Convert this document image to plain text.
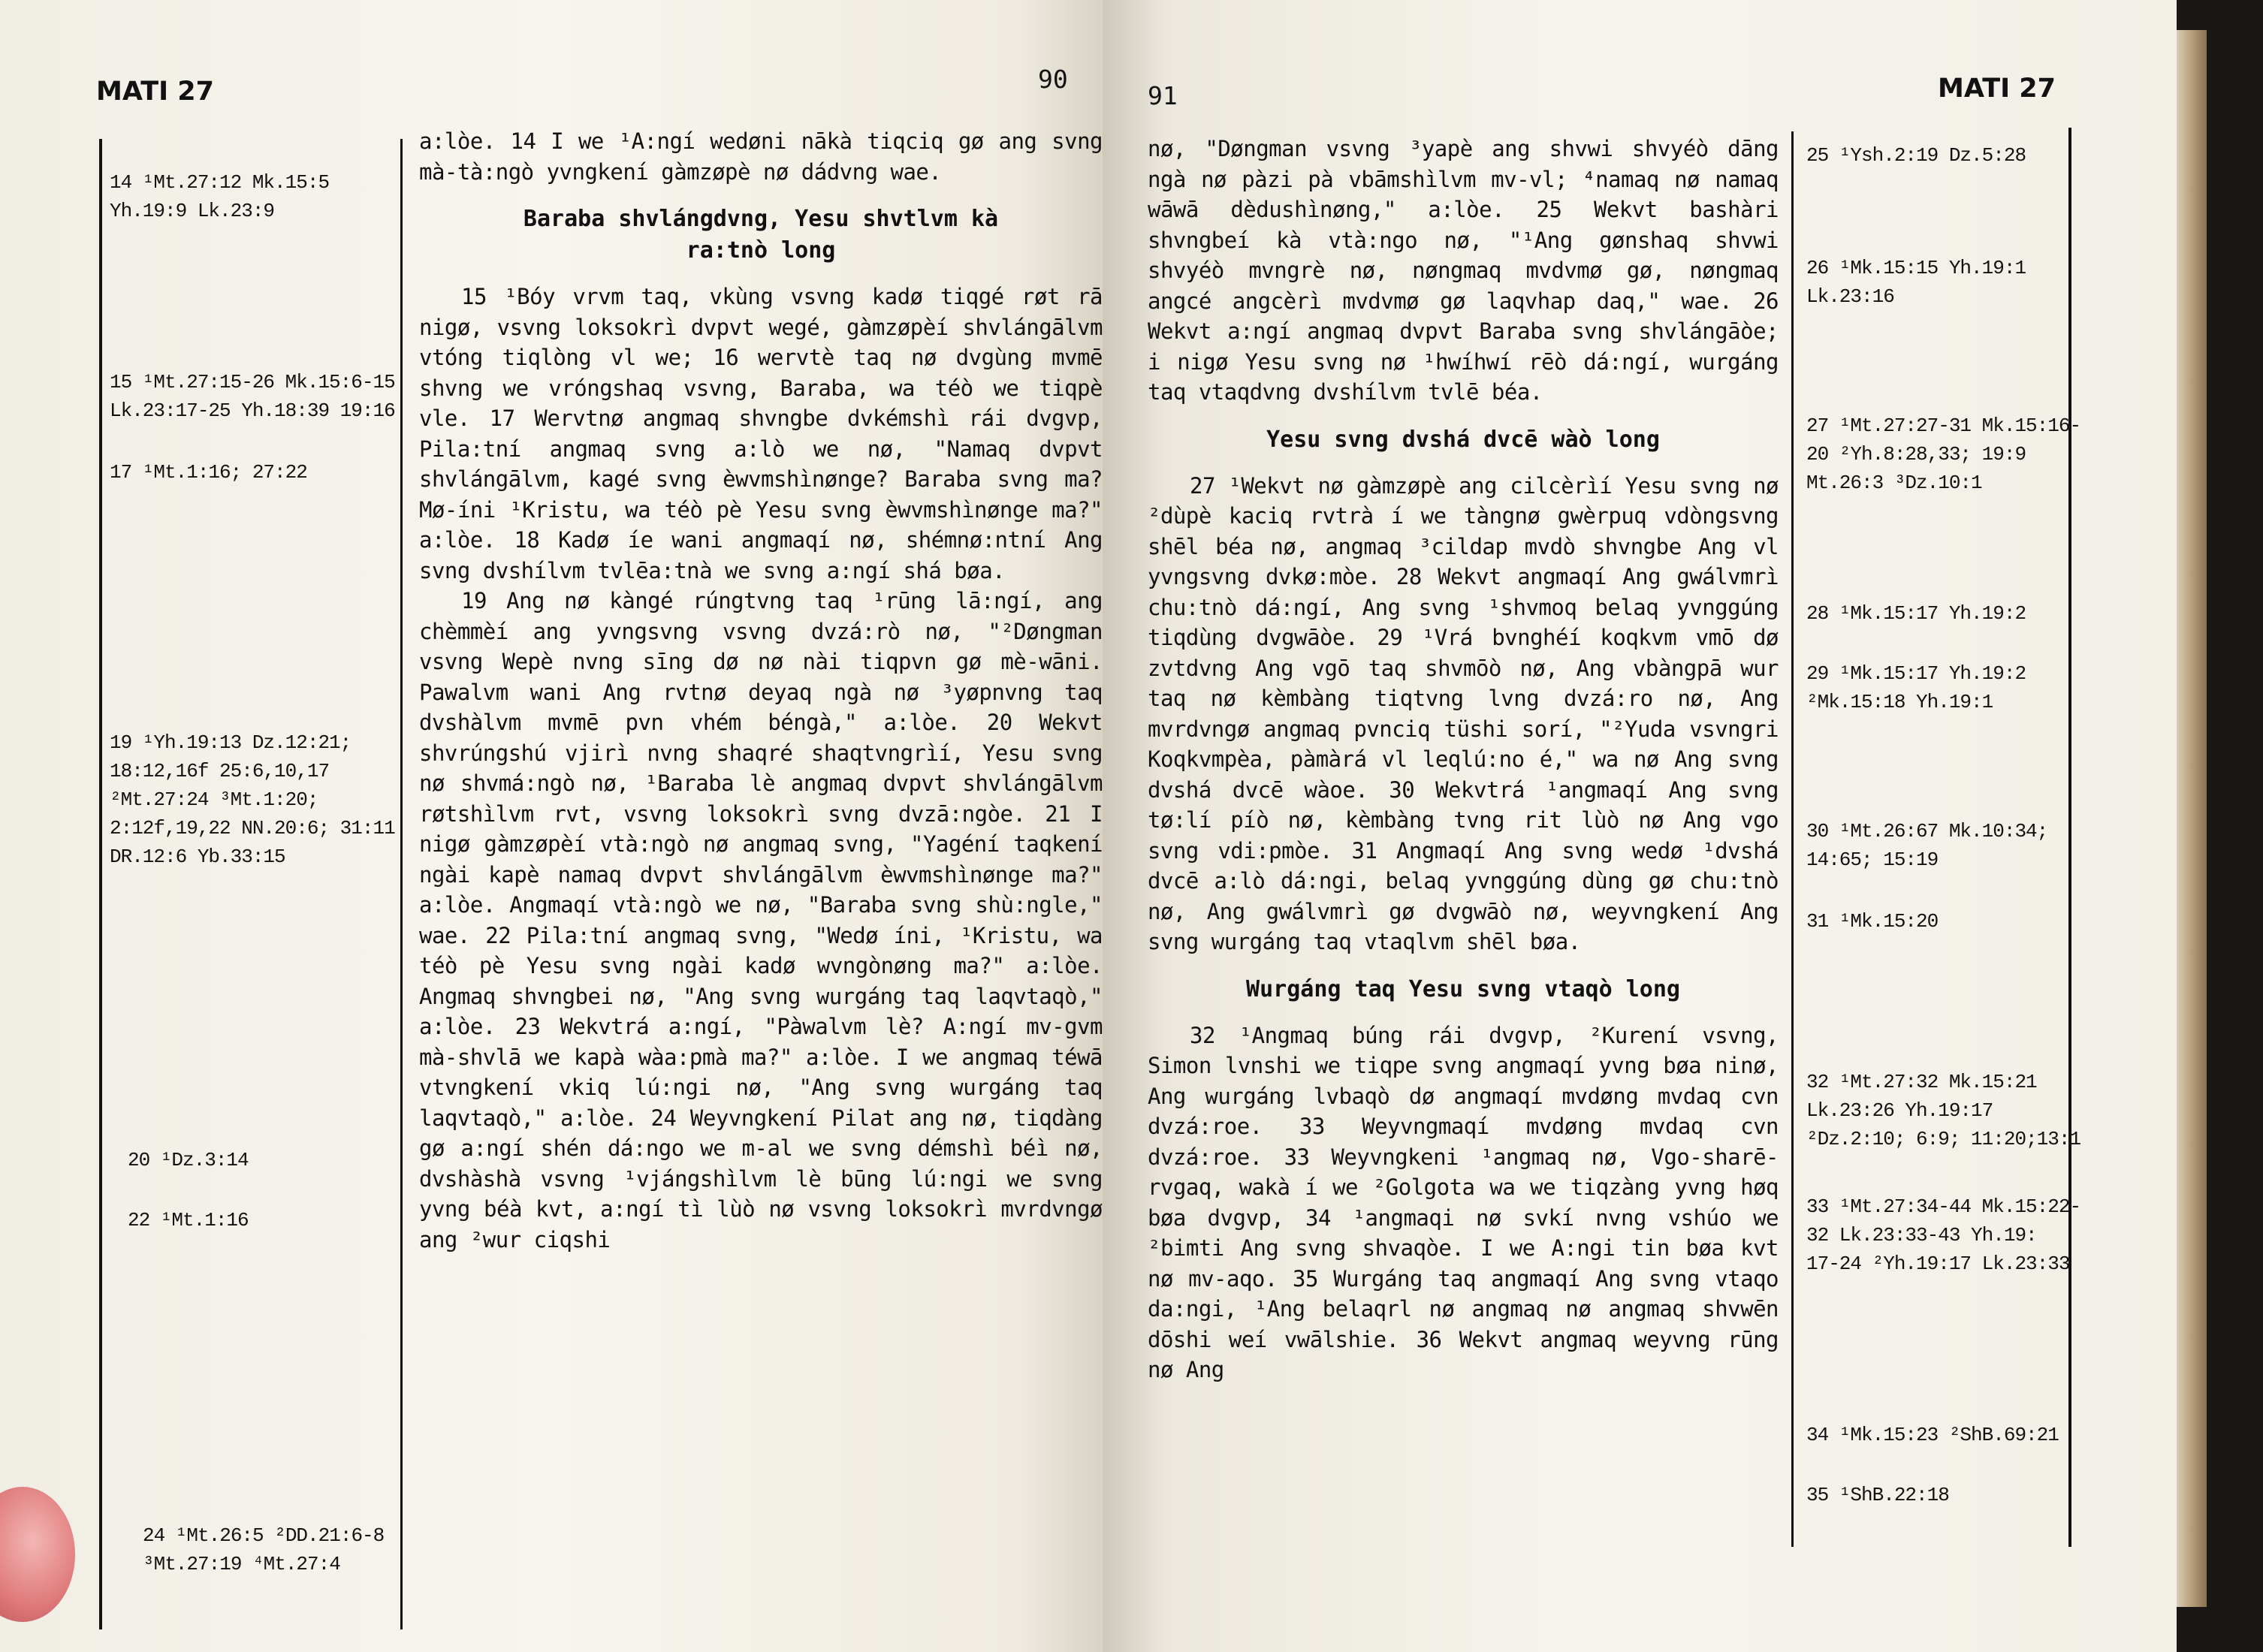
MATI 27	90
14 ¹Mt.27:12 Mk.15:5
Yh.19:9 Lk.23:9
15 ¹Mt.27:15-26 Mk.15:6-15
Lk.23:17-25 Yh.18:39 19:16
17 ¹Mt.1:16; 27:22
19 ¹Yh.19:13 Dz.12:21;
18:12,16f 25:6,10,17
²Mt.27:24 ³Mt.1:20;
2:12f,19,22 NN.20:6; 31:11
DR.12:6 Yb.33:15
20 ¹Dz.3:14
22 ¹Mt.1:16
24 ¹Mt.26:5 ²DD.21:6-8
³Mt.27:19 ⁴Mt.27:4

a:lòe. 14 I we ¹A:ngí wedøni nākà tiqciq gø ang svng mà-tà:ngò yvngkení gàmzøpè nø dádvng wae.

Baraba shvlángdvng, Yesu shvtlvm kà ra:tnò long

15 ¹Bóy vrvm taq, vkùng vsvng kadø tiqgé røt rā nigø, vsvng loksokrì dvpvt wegé, gàmzøpèí shvlángālvm vtóng tiqlòng vl we; 16 wervtè taq nø dvgùng mvmē shvng we vróngshaq vsvng, Baraba, wa téò we tiqpè vle. 17 Wervtnø angmaq shvngbe dvkémshì rái dvgvp, Pila:tní angmaq svng a:lò we nø, "Namaq dvpvt shvlángālvm, kagé svng èwvmshìnønge? Baraba svng ma? Mø-íni ¹Kristu, wa téò pè Yesu svng èwvmshìnønge ma?" a:lòe. 18 Kadø íe wani angmaqí nø, shémnø:ntní Ang svng dvshílvm tvlēa:tnà we svng a:ngí shá bøa.

19 Ang nø kàngé rúngtvng taq ¹rūng lā:ngí, ang chèmmèí ang yvngsvng vsvng dvzá:rò nø, "²Døngman vsvng Wepè nvng sīng dø nø nài tiqpvn gø mè-wāni. Pawalvm wani Ang rvtnø deyaq ngà nø ³yøpnvng taq dvshàlvm mvmē pvn vhém béngà," a:lòe. 20 Wekvt shvrúngshú vjirì nvng shaqré shaqtvngrìí, Yesu svng nø shvmá:ngò nø, ¹Baraba lè angmaq dvpvt shvlángālvm røtshìlvm rvt, vsvng loksokrì svng dvzā:ngòe. 21 I nigø gàmzøpèí vtà:ngò nø angmaq svng, "Yagéní taqkení ngài kapè namaq dvpvt shvlángālvm èwvmshìnønge ma?" a:lòe. Angmaqí vtà:ngò we nø, "Baraba svng shù:ngle," wae. 22 Pila:tní angmaq svng, "Wedø íni, ¹Kristu, wa téò pè Yesu svng ngài kadø wvngònøng ma?" a:lòe. Angmaq shvngbei nø, "Ang svng wurgáng taq laqvtaqò," a:lòe. 23 Wekvtrá a:ngí, "Pàwalvm lè? A:ngí mv-gvm mà-shvlā we kapà wàa:pmà ma?" a:lòe. I we angmaq téwā vtvngkení vkiq lú:ngi nø, "Ang svng wurgáng taq laqvtaqò," a:lòe. 24 Weyvngkení Pilat ang nø, tiqdàng gø a:ngí shén dá:ngo we m-al we svng démshì béì nø, dvshàshà vsvng ¹vjángshìlvm lè būng lú:ngi we svng yvng béà kvt, a:ngí tì lùò nø vsvng loksokrì mvrdvngø ang ²wur ciqshi

91	MATI 27

nø, "Døngman vsvng ³yapè ang shvwi shvyéò dāng ngà nø pàzi pà vbāmshìlvm mv-vl; ⁴namaq nø namaq wāwā dèdushìnøng," a:lòe. 25 Wekvt bashàri shvngbeí kà vtà:ngo nø, "¹Ang gønshaq shvwi shvyéò mvngrè nø, nøngmaq mvdvmø gø, nøngmaq angcé angcèrì mvdvmø gø laqvhap daq," wae. 26 Wekvt a:ngí angmaq dvpvt Baraba svng shvlángāòe; i nigø Yesu svng nø ¹hwíhwí rēò dá:ngí, wurgáng taq vtaqdvng dvshílvm tvlē béa.

Yesu svng dvshá dvcē wàò long

27 ¹Wekvt nø gàmzøpè ang cilcèrìí Yesu svng nø ²dùpè kaciq rvtrà í we tàngnø gwèrpuq vdòngsvng shēl béa nø, angmaq ³cildap mvdò shvngbe Ang vl yvngsvng dvkø:mòe. 28 Wekvt angmaqí Ang gwálvmrì chu:tnò dá:ngí, Ang svng ¹shvmoq belaq yvnggúng tiqdùng dvgwāòe. 29 ¹Vrá bvnghéí koqkvm vmō dø zvtdvng Ang vgō taq shvmōò nø, Ang vbàngpā wur taq nø kèmbàng tiqtvng lvng dvzá:ro nø, Ang mvrdvngø angmaq pvnciq tüshi sorí, "²Yuda vsvngri Koqkvmpèa, pàmàrá vl leqlú:no é," wa nø Ang svng dvshá dvcē wàoe. 30 Wekvtrá ¹angmaqí Ang svng tø:lí píò nø, kèmbàng tvng rit lùò nø Ang vgo svng vdi:pmòe. 31 Angmaqí Ang svng wedø ¹dvshá dvcē a:lò dá:ngi, belaq yvnggúng dùng gø chu:tnò nø, Ang gwálvmrì gø dvgwāò nø, weyvngkení Ang svng wurgáng taq vtaqlvm shēl bøa.

Wurgáng taq Yesu svng vtaqò long

32 ¹Angmaq búng rái dvgvp, ²Kurení vsvng, Simon lvnshi we tiqpe svng angmaqí yvng bøa ninø, Ang wurgáng lvbaqò dø angmaqí mvdøng mvdaq cvn dvzá:roe. 33 Weyvngmaqí mvdøng mvdaq cvn dvzá:roe. 33 Weyvngkeni ¹angmaq nø, Vgo-sharē-rvgaq, wakà í we ²Golgota wa we tiqzàng yvng høq bøa dvgvp, 34 ¹angmaqi nø svkí nvng vshúo we ²bimti Ang svng shvaqòe. I we A:ngi tin bøa kvt nø mv-aqo. 35 Wurgáng taq angmaqí Ang svng vtaqo da:ngi, ¹Ang belaqrl nø angmaq nø angmaq shvwēn dōshi weí vwālshie. 36 Wekvt angmaq weyvng rūng nø Ang

25 ¹Ysh.2:19 Dz.5:28
26 ¹Mk.15:15 Yh.19:1
Lk.23:16
27 ¹Mt.27:27-31 Mk.15:16-
20 ²Yh.8:28,33; 19:9
Mt.26:3 ³Dz.10:1
28 ¹Mk.15:17 Yh.19:2
29 ¹Mk.15:17 Yh.19:2
²Mk.15:18 Yh.19:1
30 ¹Mt.26:67 Mk.10:34;
14:65; 15:19
31 ¹Mk.15:20
32 ¹Mt.27:32 Mk.15:21
Lk.23:26 Yh.19:17
²Dz.2:10; 6:9; 11:20;13:1
33 ¹Mt.27:34-44 Mk.15:22-
32 Lk.23:33-43 Yh.19:
17-24 ²Yh.19:17 Lk.23:33
34 ¹Mk.15:23 ²ShB.69:21
35 ¹ShB.22:18
